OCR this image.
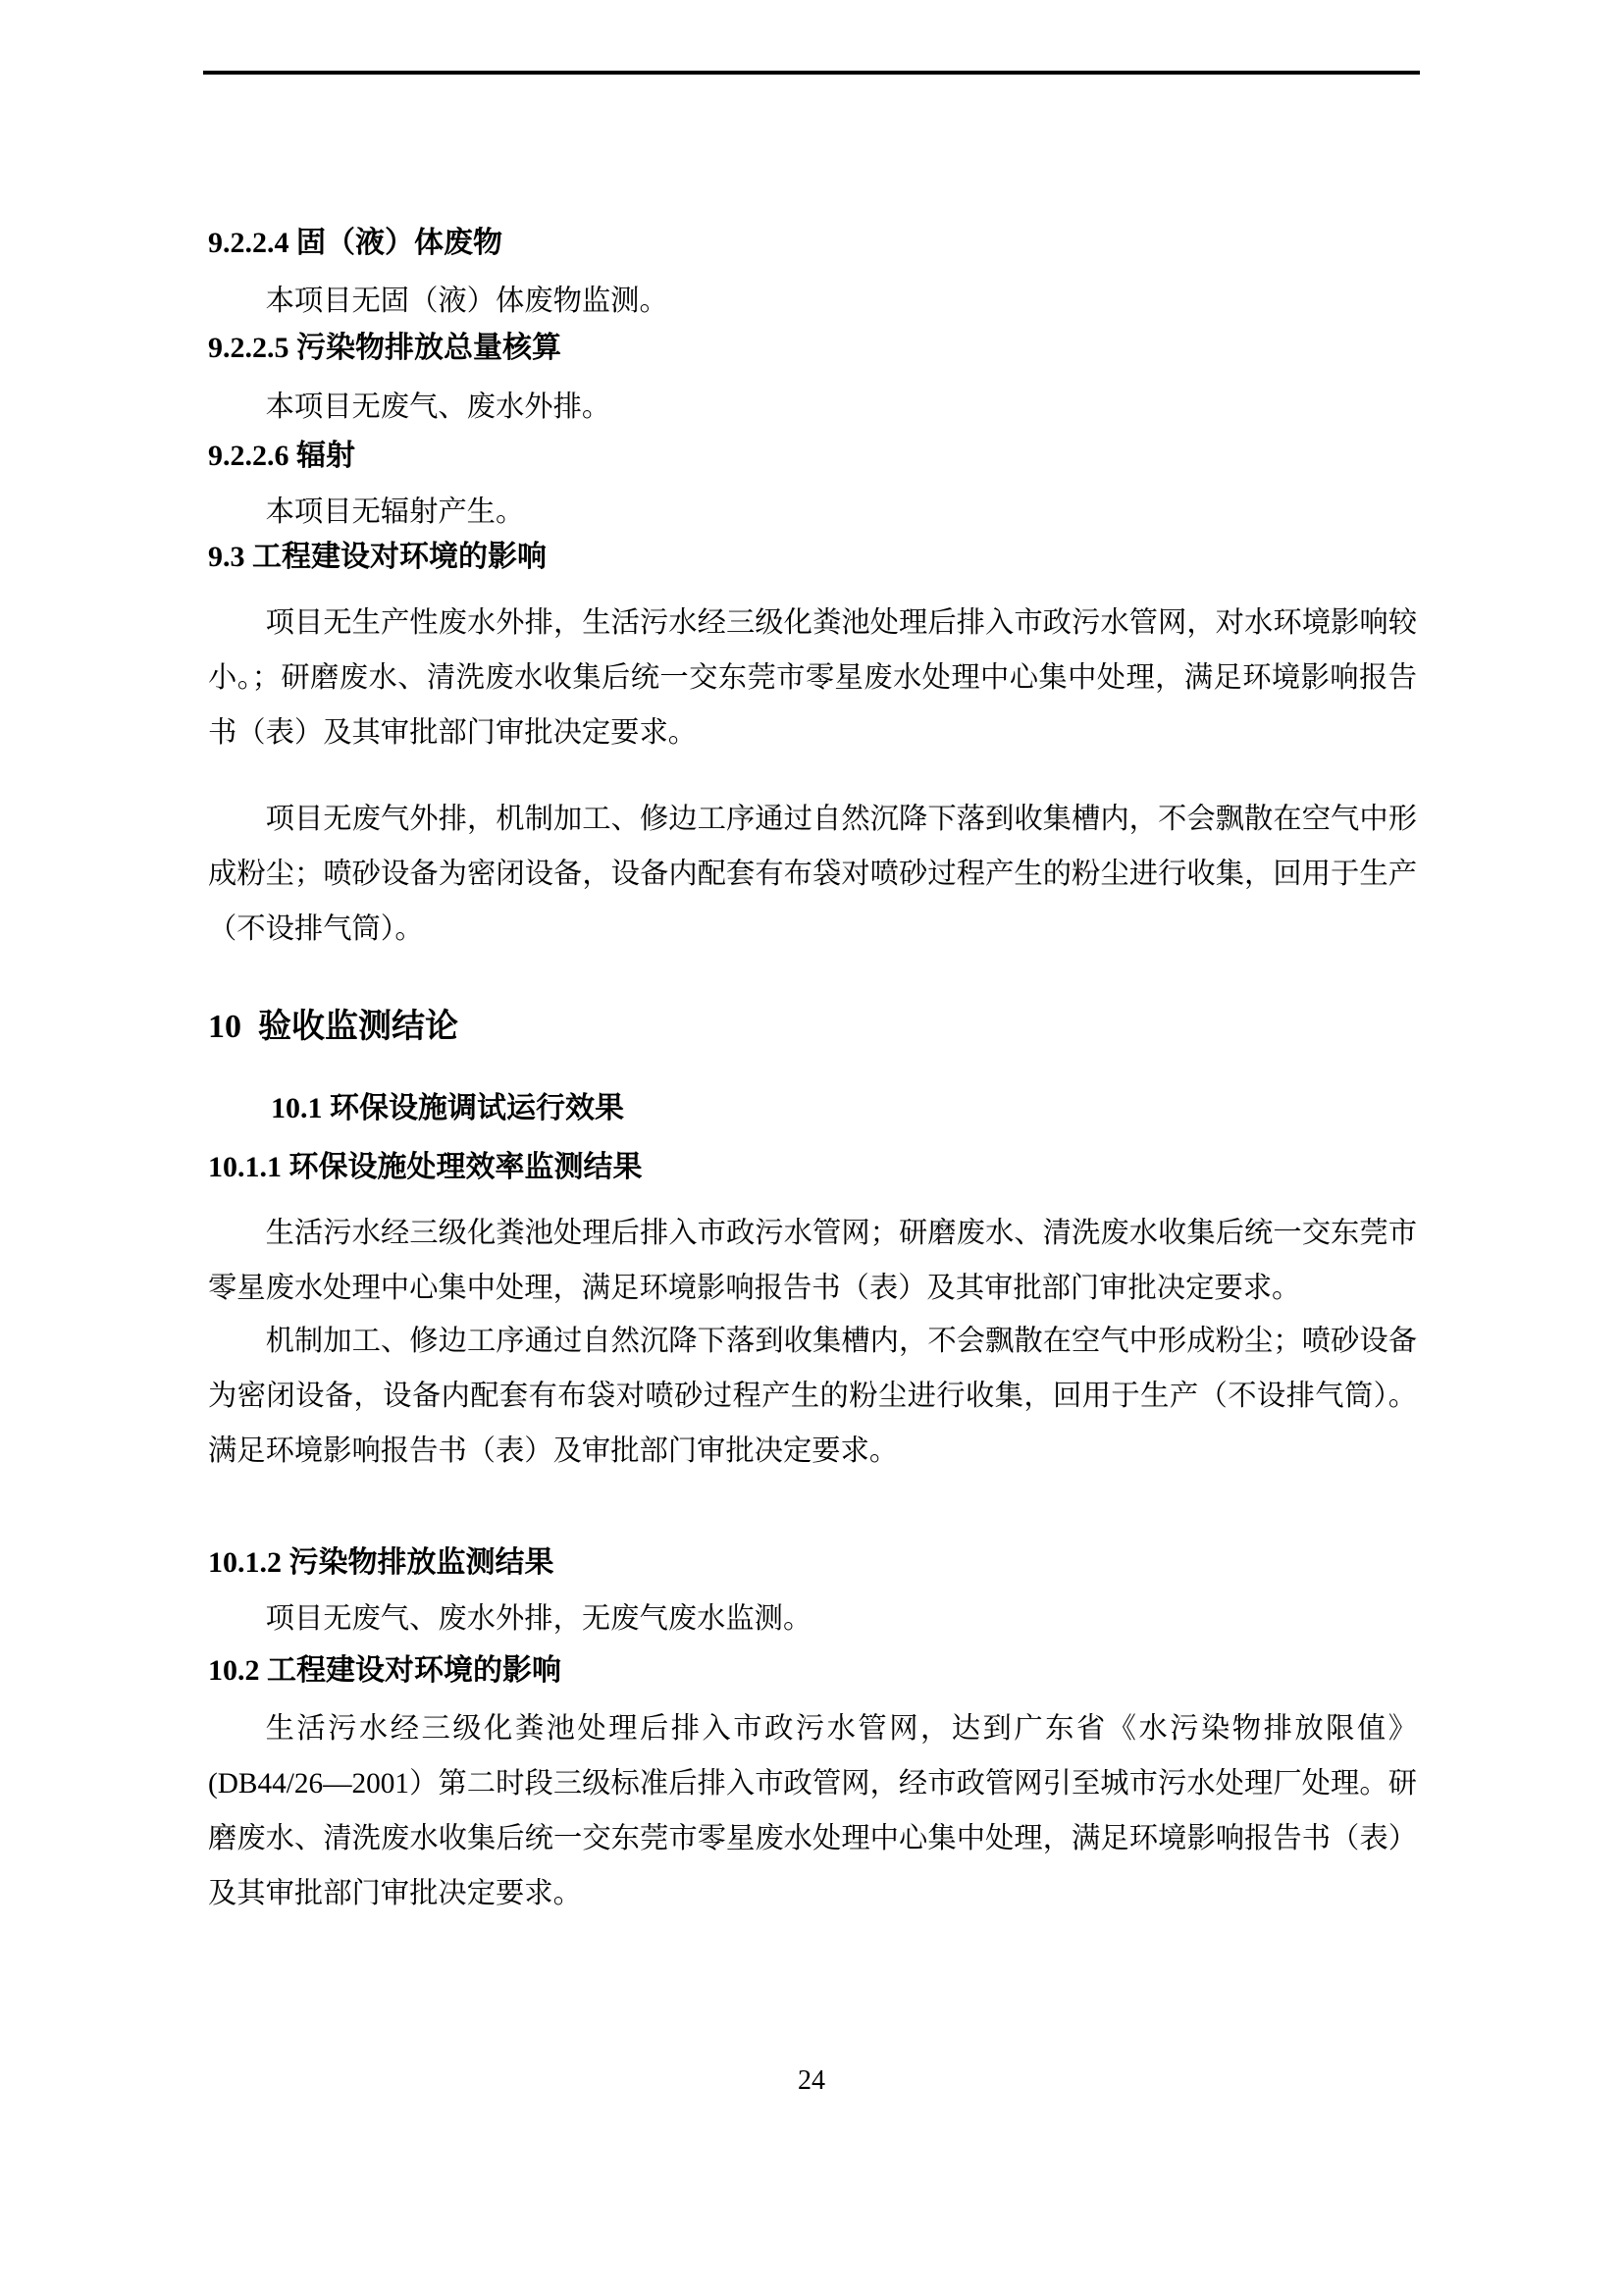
9.2.2.4 固（液）体废物

本项目无固（液）体废物监测。

9.2.2.5 污染物排放总量核算

本项目无废气、废水外排。

9.2.2.6 辐射

本项目无辐射产生。

9.3 工程建设对环境的影响

项目无生产性废水外排，生活污水经三级化粪池处理后排入市政污水管网，对水环境影响较小。；研磨废水、清洗废水收集后统一交东莞市零星废水处理中心集中处理，满足环境影响报告书（表）及其审批部门审批决定要求。

项目无废气外排，机制加工、修边工序通过自然沉降下落到收集槽内，不会飘散在空气中形成粉尘；喷砂设备为密闭设备，设备内配套有布袋对喷砂过程产生的粉尘进行收集，回用于生产（不设排气筒）。

10  验收监测结论
10.1 环保设施调试运行效果
10.1.1 环保设施处理效率监测结果

生活污水经三级化粪池处理后排入市政污水管网；研磨废水、清洗废水收集后统一交东莞市零星废水处理中心集中处理，满足环境影响报告书（表）及其审批部门审批决定要求。

机制加工、修边工序通过自然沉降下落到收集槽内，不会飘散在空气中形成粉尘；喷砂设备为密闭设备，设备内配套有布袋对喷砂过程产生的粉尘进行收集，回用于生产（不设排气筒）。满足环境影响报告书（表）及审批部门审批决定要求。

10.1.2 污染物排放监测结果

项目无废气、废水外排，无废气废水监测。

10.2 工程建设对环境的影响

生活污水经三级化粪池处理后排入市政污水管网，达到广东省《水污染物排放限值》(DB44/26—2001）第二时段三级标准后排入市政管网，经市政管网引至城市污水处理厂处理。研磨废水、清洗废水收集后统一交东莞市零星废水处理中心集中处理，满足环境影响报告书（表）及其审批部门审批决定要求。

24
